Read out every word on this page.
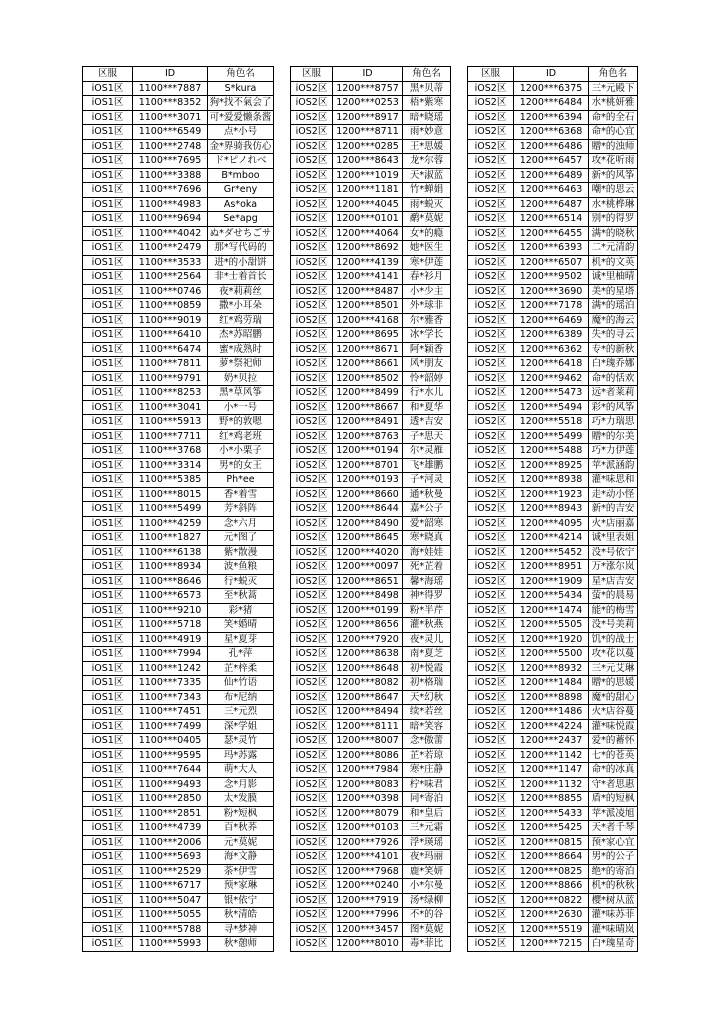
区服	ID	角色名
iOS1区	1100***7887	S*kura
iOS1区	1100***8352	狗*找不氣会了
iOS1区	1100***3071	可*爱爱懒条酱
iOS1区	1100***6549	点*小号
iOS1区	1100***2748	金*界骑我仿心
iOS1区	1100***7695	ド*ピノれべ
iOS1区	1100***3388	B*mboo
iOS1区	1100***7696	Gr*eny
iOS1区	1100***4983	As*oka
iOS1区	1100***9694	Se*apg
iOS1区	1100***4042	ぬ*ダせちごサ
iOS1区	1100***2479	那*写代码的
iOS1区	1100***3533	进*的小甜饼
iOS1区	1100***2564	非*士着首长
iOS1区	1100***0746	夜*莉莉丝
iOS1区	1100***0859	撒*小耳朵
iOS1区	1100***9019	红*鸡劳瑞
iOS1区	1100***6410	杰*苏昭鹏
iOS1区	1100***6474	蜜*成熟时
iOS1区	1100***7811	萝*祭祀师
iOS1区	1100***9791	奶*贝拉
iOS1区	1100***8253	黑*草风筝
iOS1区	1100***3041	小*一号
iOS1区	1100***5913	野*的敦嗯
iOS1区	1100***7711	红*鸡老班
iOS1区	1100***3768	小*小栗子
iOS1区	1100***3314	男*的女王
iOS1区	1100***5385	Ph*ee
iOS1区	1100***8015	香*着雪
iOS1区	1100***5499	芳*斜阵
iOS1区	1100***4259	念*六月
iOS1区	1100***1827	元*图了
iOS1区	1100***6138	紫*散漫
iOS1区	1100***8934	波*鱼粮
iOS1区	1100***8646	行*蜕灭
iOS1区	1100***6573	至*秋蒿
iOS1区	1100***9210	彩*猪
iOS1区	1100***5718	笑*婚晴
iOS1区	1100***4919	星*夏芽
iOS1区	1100***7994	孔*萍
iOS1区	1100***1242	芷*梓柔
iOS1区	1100***7335	仙*竹语
iOS1区	1100***7343	布*尼纳
iOS1区	1100***7451	三*元烈
iOS1区	1100***7499	深*学姐
iOS1区	1100***0405	瑟*灵竹
iOS1区	1100***9595	玛*苏露
iOS1区	1100***7644	萌*大人
iOS1区	1100***9493	念*月影
iOS1区	1100***2850	太*发膜
iOS1区	1100***2851	粉*短枫
iOS1区	1100***4739	百*秋荞
iOS1区	1100***2006	元*莫妮
iOS1区	1100***5693	海*文静
iOS1区	1100***2529	荼*伊雪
iOS1区	1100***6717	预*家琳
iOS1区	1100***5047	银*依宁
iOS1区	1100***5055	秋*清皓
iOS1区	1100***5788	寻*梦神
iOS1区	1100***5993	秋*憩师
区服	ID	角色名
iOS2区	1200***8757	黑*贝蒂
iOS2区	1200***0253	梧*紫寒
iOS2区	1200***8917	暗*晓瑶
iOS2区	1200***8711	雨*妙意
iOS2区	1200***0285	王*思媛
iOS2区	1200***8643	龙*尔蓉
iOS2区	1200***1019	天*淑蓝
iOS2区	1200***1181	竹*蝉娟
iOS2区	1200***4045	雨*蜕灭
iOS2区	1200***0101	鹬*莫妮
iOS2区	1200***4064	女*的瘾
iOS2区	1200***8692	她*医生
iOS2区	1200***4139	寒*伊莲
iOS2区	1200***4141	春*衫月
iOS2区	1200***8487	小*少主
iOS2区	1200***8501	外*球非
iOS2区	1200***4168	尔*雅香
iOS2区	1200***8695	冰*学长
iOS2区	1200***8671	阿*颖香
iOS2区	1200***8661	风*朋友
iOS2区	1200***8502	怜*韶婷
iOS2区	1200***8499	行*水儿
iOS2区	1200***8667	和*夏华
iOS2区	1200***8491	透*吉安
iOS2区	1200***8763	子*思天
iOS2区	1200***0194	尔*灵雁
iOS2区	1200***8701	飞*雄鹏
iOS2区	1200***0193	子*河灵
iOS2区	1200***8660	通*秋曼
iOS2区	1200***8644	嘉*公子
iOS2区	1200***8490	爱*韶寒
iOS2区	1200***8645	寒*晓真
iOS2区	1200***4020	海*娃娃
iOS2区	1200***0097	死*芷着
iOS2区	1200***8651	馨*海瑶
iOS2区	1200***8498	神*得罗
iOS2区	1200***0199	粉*半芹
iOS2区	1200***8656	灌*秋燕
iOS2区	1200***7920	夜*灵儿
iOS2区	1200***8638	南*夏芝
iOS2区	1200***8648	初*悦霞
iOS2区	1200***8082	初*格瑞
iOS2区	1200***8647	天*幻秋
iOS2区	1200***8494	续*若丝
iOS2区	1200***8111	暗*笑容
iOS2区	1200***8007	念*傲蕾
iOS2区	1200***8086	芷*若琼
iOS2区	1200***7984	寒*庄静
iOS2区	1200***8083	柠*味君
iOS2区	1200***0398	同*寄泊
iOS2区	1200***8079	和*皇后
iOS2区	1200***0103	三*元霜
iOS2区	1200***7926	浮*瑛瑶
iOS2区	1200***4101	夜*玛丽
iOS2区	1200***7968	鹿*笑妍
iOS2区	1200***0240	小*尔曼
iOS2区	1200***7919	汤*绿柳
iOS2区	1200***7996	不*的谷
iOS2区	1200***3457	图*莫妮
iOS2区	1200***8010	毒*菲比
区服	ID	角色名
iOS2区	1200***6375	三*元殿下
iOS2区	1200***6484	水*桃妍雅
iOS2区	1200***6394	命*的全石
iOS2区	1200***6368	命*的心宜
iOS2区	1200***6486	贈*的浊师
iOS2区	1200***6457	攻*花听雨
iOS2区	1200***6489	新*的风筝
iOS2区	1200***6463	嘲*的思云
iOS2区	1200***6487	水*桃桦琳
iOS2区	1200***6514	别*的得罗
iOS2区	1200***6455	满*的晓秋
iOS2区	1200***6393	二*元清韵
iOS2区	1200***6507	机*的文英
iOS2区	1200***9502	诚*里柚晴
iOS2区	1200***3690	美*的星塔
iOS2区	1200***7178	满*的瑶泊
iOS2区	1200***6469	魔*的海云
iOS2区	1200***6389	失*的寻云
iOS2区	1200***6362	专*的新秋
iOS2区	1200***6418	白*瑰乔娜
iOS2区	1200***9462	命*的恬欢
iOS2区	1200***5473	远*者莱莉
iOS2区	1200***5494	彩*的风筝
iOS2区	1200***5518	巧*力瑞思
iOS2区	1200***5499	贈*的尔美
iOS2区	1200***5488	巧*力伊莲
iOS2区	1200***8925	苹*派涵韵
iOS2区	1200***8938	灌*味思和
iOS2区	1200***1923	走*动小怪
iOS2区	1200***8943	新*的吉安
iOS2区	1200***4095	火*店丽嘉
iOS2区	1200***4214	诚*里表姐
iOS2区	1200***5452	没*号依宁
iOS2区	1200***8951	万*涨尔岚
iOS2区	1200***1909	星*店吉安
iOS2区	1200***5434	萤*的晨易
iOS2区	1200***1474	能*的梅雪
iOS2区	1200***5505	没*号美莉
iOS2区	1200***1920	饥*的战士
iOS2区	1200***5500	攻*花以蔓
iOS2区	1200***8932	三*元艾琳
iOS2区	1200***1484	贈*的思媛
iOS2区	1200***8898	魔*的甜心
iOS2区	1200***1486	火*店谷蔓
iOS2区	1200***4224	灌*味悦霞
iOS2区	1200***2437	爱*的蓄怀
iOS2区	1200***1142	七*的苍英
iOS2区	1200***1147	命*的冰真
iOS2区	1200***1132	守*者思惠
iOS2区	1200***8855	盾*的短枫
iOS2区	1200***5433	苹*派凌旭
iOS2区	1200***5425	天*者千琴
iOS2区	1200***0815	预*家心宜
iOS2区	1200***8664	男*的公子
iOS2区	1200***0825	绝*的寄泊
iOS2区	1200***8866	机*的秋秋
iOS2区	1200***0822	樱*树从蓝
iOS2区	1200***2630	灌*味苏菲
iOS2区	1200***5519	灌*味晴岚
iOS2区	1200***7215	白*瑰星奇
